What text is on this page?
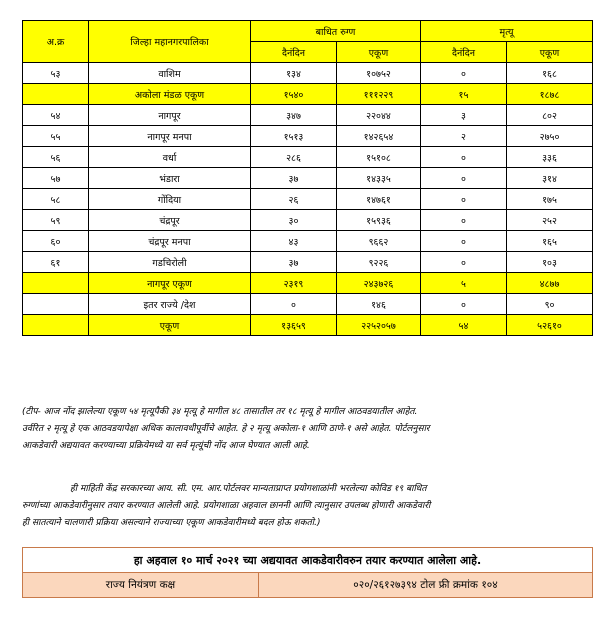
अ.क्र	जिल्हा महानगरपालिका	बाधित रुग्ण		मृत्यू	
		दैनंदिन	एकूण	दैनंदिन	एकूण
५३	वाशिम	१३४	१०७५२	०	१६८
	अकोला मंडळ एकूण	१५४०	१११२२९	१५	१८७८
५४	नागपूर	३४७	२२०४४	३	८०२
५५	नागपूर मनपा	१५१३	१४२६५४	२	२७५०
५६	वर्धा	२८६	१५१०८	०	३३६
५७	भंडारा	३७	१४३३५	०	३१४
५८	गोंदिया	२६	१४७६१	०	१७५
५९	चंद्रपूर	३०	१५९३६	०	२५२
६०	चंद्रपूर मनपा	४३	९६६२	०	१६५
६१	गडचिरोली	३७	९२२६	०	१०३
	नागपूर एकूण	२३१९	२४३७२६	५	४८७७
	इतर राज्ये /देश	०	१४६	०	९०
	एकूण	१३६५९	२२५२०५७	५४	५२६१०
(टीप- आज नोंद झालेल्या एकूण ५४ मृत्यूपैकी ३४ मृत्यू हे मागील ४८ तासातील तर १८ मृत्यू हे मागील आठवडयातील आहेत.
उर्वरित २ मृत्यू हे एक आठवडयापेक्षा अधिक कालावधीपूर्वीचे आहेत. हे २ मृत्यू अकोला-१ आणि ठाणे-१ असे आहेत. पोर्टलनुसार
आकडेवारी अद्ययावत करण्याच्या प्रक्रियेमध्ये या सर्व मृत्यूंची नोंद आज घेण्यात आली आहे.
ही माहिती केंद्र सरकारच्या आय. सी. एम. आर.पोर्टलवर मान्यताप्राप्त प्रयोगशाळांनी भरलेल्या कोविड १९ बाधित
रुग्णांच्या आकडेवारीनुसार तयार करण्यात आलेली आहे. प्रयोगशाळा अहवाल छाननी आणि त्यानुसार उपलब्ध होणारी आकडेवारी
ही सातत्याने चालणारी प्रक्रिया असल्याने राज्याच्या एकूण आकडेवारीमध्ये बदल होऊ शकतो.)
हा अहवाल १० मार्च २०२१ च्या अद्ययावत आकडेवारीवरुन तयार करण्यात आलेला आहे.
राज्य नियंत्रण कक्ष	०२०/२६१२७३९४ टोल फ्री क्रमांक १०४
